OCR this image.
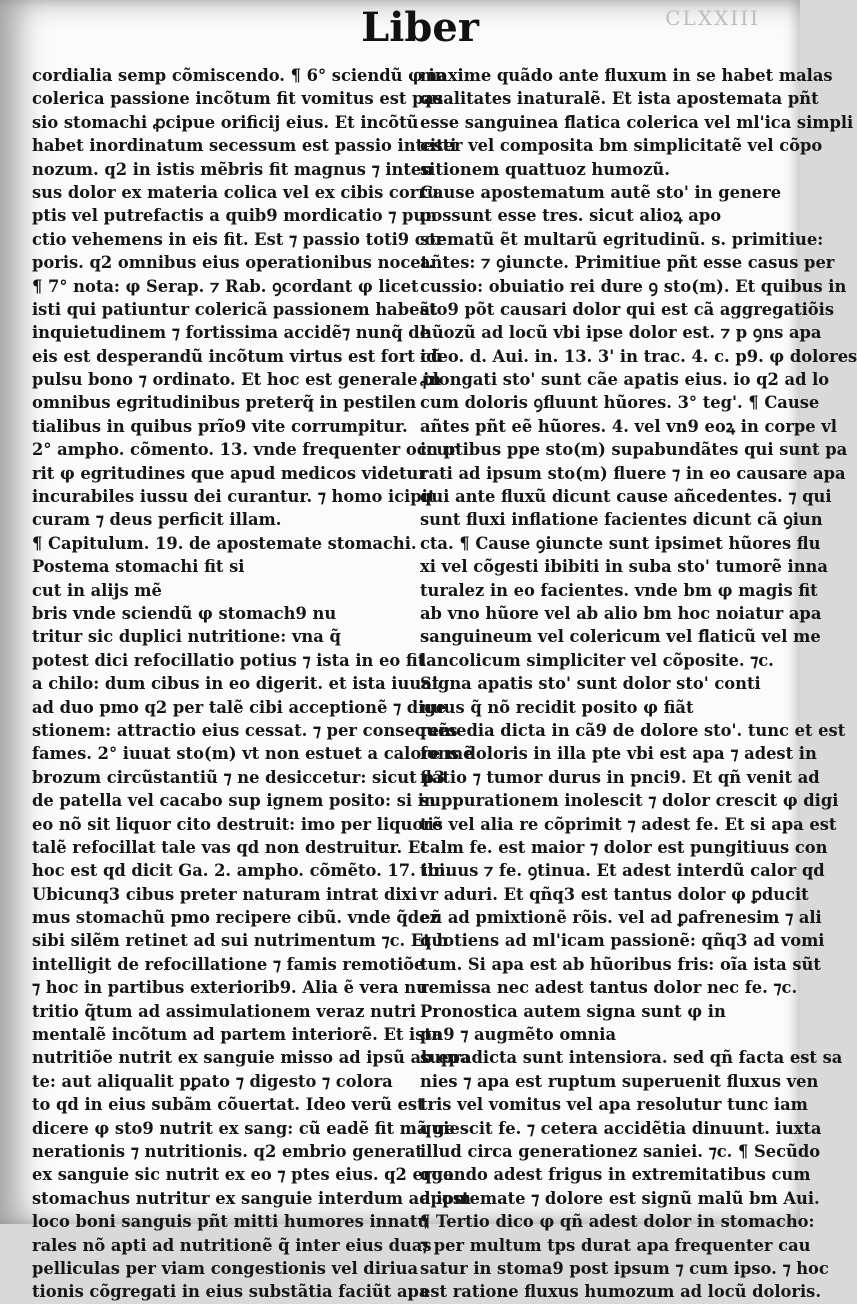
CLXXIII
Liber
cordialia semp cõmiscendo. ¶ 6° sciendũ φ in
colerica passione incõtum fit vomitus est pas
sio stomachi ꝓcipue orificij eius. Et incõtũ
habet inordinatum secessum est passio intesti
nozum. q2 in istis mẽbris fit magnus ⁊ inten
sus dolor ex materia colica vel ex cibis corru
ptis vel putrefactis a quib9 mordicatio ⁊ pun
ctio vehemens in eis fit. Est ⁊ passio toti9 cor
poris. q2 omnibus eius operationibus nocet.
¶ 7° nota: φ Serap. ⁊ Rab. ꝯcordant φ licet
isti qui patiuntur colericã passionem habeãt
inquietudinem ⁊ fortissima accidẽ⁊ nunq̃ de
eis est desperandũ incõtum virtus est fort cũ
pulsu bono ⁊ ordinato. Et hoc est generale in
omnibus egritudinibus preterq̃ in pestilen
tialibus in quibus prĩo9 vite corrumpitur.
2° ampho. cõmento. 13. vnde frequenter occur
rit φ egritudines que apud medicos videtur
incurabiles iussu dei curantur. ⁊ homo icipit
curam ⁊ deus perficit illam.
¶ Capitulum. 19. de apostemate stomachi.
Postema stomachi fit si
cut in alijs mẽ
bris vnde sciendũ φ stomach9 nu
tritur sic duplici nutritione: vna q̃
potest dici refocillatio potius ⁊ ista in eo fit
a chilo: dum cibus in eo digerit. et ista iuuat
ad duo pmo q2 per talẽ cibi acceptionẽ ⁊ dige
stionem: attractio eius cessat. ⁊ per consequẽs
fames. 2° iuuat sto(m) vt non estuet a calore mẽ
brozum circũstantiũ ⁊ ne desiccetur: sicut p3
de patella vel cacabo sup ignem posito: si in
eo nõ sit liquor cito destruit: imo per liquorẽ
talẽ refocillat tale vas qd non destruitur. Et
hoc est qd dicit Ga. 2. ampho. cõmẽto. 17. ibi.
Ubicunq3 cibus preter naturam intrat dixi
mus stomachũ pmo recipere cibũ. vnde q̃dez
sibi silẽm retinet ad sui nutrimentum ⁊c. Et h
intelligit de refocillatione ⁊ famis remotiõe
⁊ hoc in partibus exteriorib9. Alia ẽ vera nu
tritio q̃tum ad assimulationem veraz nutri
mentalẽ incõtum ad partem interiorẽ. Et ista
nutritiõe nutrit ex sanguie misso ad ipsũ ab epa
te: aut aliqualit pꝑato ⁊ digesto ⁊ colora
to qd in eius subãm cõuertat. Ideo verũ est
dicere φ sto9 nutrit ex sang: cũ eadẽ fit mã ge
nerationis ⁊ nutritionis. q2 embrio generat
ex sanguie sic nutrit ex eo ⁊ ptes eius. q2 ergo
stomachus nutritur ex sanguie interdum ad ipm
loco boni sanguis pñt mitti humores innatu
rales nõ apti ad nutritionẽ q̃ inter eius duas
pelliculas per viam congestionis vel diriua
tionis cõgregati in eius substãtia faciũt apa
maxime quãdo ante fluxum in se habet malas
qualitates inaturalẽ. Et ista apostemata pñt
esse sanguinea fl̃atica colerica vel ml'ica simpli
citer vel composita bm simplicitatẽ vel cõpo
sitionem quattuoz humozũ.
Cause apostematum autẽ sto' in genere
possunt esse tres. sicut alioꝝ apo
stematũ ẽt multarũ egritudinũ. s. primitiue:
añtes: ⁊ ꝯiuncte. Primitiue pñt esse casus per
cussio: obuiatio rei dure ꝯ sto(m). Et quibus in
sto9 põt causari dolor qui est cã aggregatiõis
hũozũ ad locũ vbi ipse dolor est. ⁊ p ꝯns apa
ideo. d. Aui. in. 13. 3' in trac. 4. c. p9. φ dolores
ꝓlongati sto' sunt cãe apatis eius. io q2 ad lo
cum doloris ꝯfluunt hũores. 3° teg'. ¶ Cause
añtes pñt eẽ hũores. 4. vel vn9 eoꝝ in corpe vl
in ptibus ppe sto(m) supabundãtes qui sunt pa
rati ad ipsum sto(m) fluere ⁊ in eo causare apa
qui ante fluxũ dicunt cause añcedentes. ⁊ qui
sunt fluxi inflatione facientes dicunt cã ꝯiun
cta. ¶ Cause ꝯiuncte sunt ipsimet hũores flu
xi vel cõgesti ibibiti in suba sto' tumorẽ inna
turalez in eo facientes. vnde bm φ magis fit
ab vno hũore vel ab alio bm hoc noiatur apa
sanguineum vel colericum vel fl̃aticũ vel me
lancolicum simpliciter vel cõposite. ⁊c.
Signa apatis sto' sunt dolor sto' conti
nuus q̃ nõ recidit posito φ fiãt
remedia dicta in cã9 de dolore sto'. tunc et est
fons doloris in illa pte vbi est apa ⁊ adest in
flatio ⁊ tumor durus in pnci9. Et qñ venit ad
suppurationem inolescit ⁊ dolor crescit φ digi
tis vel alia re cõprimit ⁊ adest fe. Et si apa est
calm fe. est maior ⁊ dolor est pungitiuus con
tinuus ⁊ fe. ꝯtinua. Et adest interdũ calor qd
vr aduri. Et qñq3 est tantus dolor φ ꝑducit
eũ ad pmixtionẽ rõis. vel ad ꝑafrenesim ⁊ ali
quotiens ad ml'icam passionẽ: qñq3 ad vomi
tum. Si apa est ab hũoribus fris: oĩa ista sũt
remissa nec adest tantus dolor nec fe. ⁊c.
Pronostica autem signa sunt φ in
pn9 ⁊ augmẽto omnia
supradicta sunt intensiora. sed qñ facta est sa
nies ⁊ apa est ruptum superuenit fluxus ven
tris vel vomitus vel apa resolutur tunc iam
quiescit fe. ⁊ cetera accidẽtia dinuunt. iuxta
illud circa generationez saniei. ⁊c. ¶ Secũdo
quando adest frigus in extremitatibus cum
apostemate ⁊ dolore est signũ malũ bm Aui.
¶ Tertio dico φ qñ adest dolor in stomacho:
⁊ per multum tps durat apa frequenter cau
satur in stoma9 post ipsum ⁊ cum ipso. ⁊ hoc
est ratione fluxus humozum ad locũ doloris.
